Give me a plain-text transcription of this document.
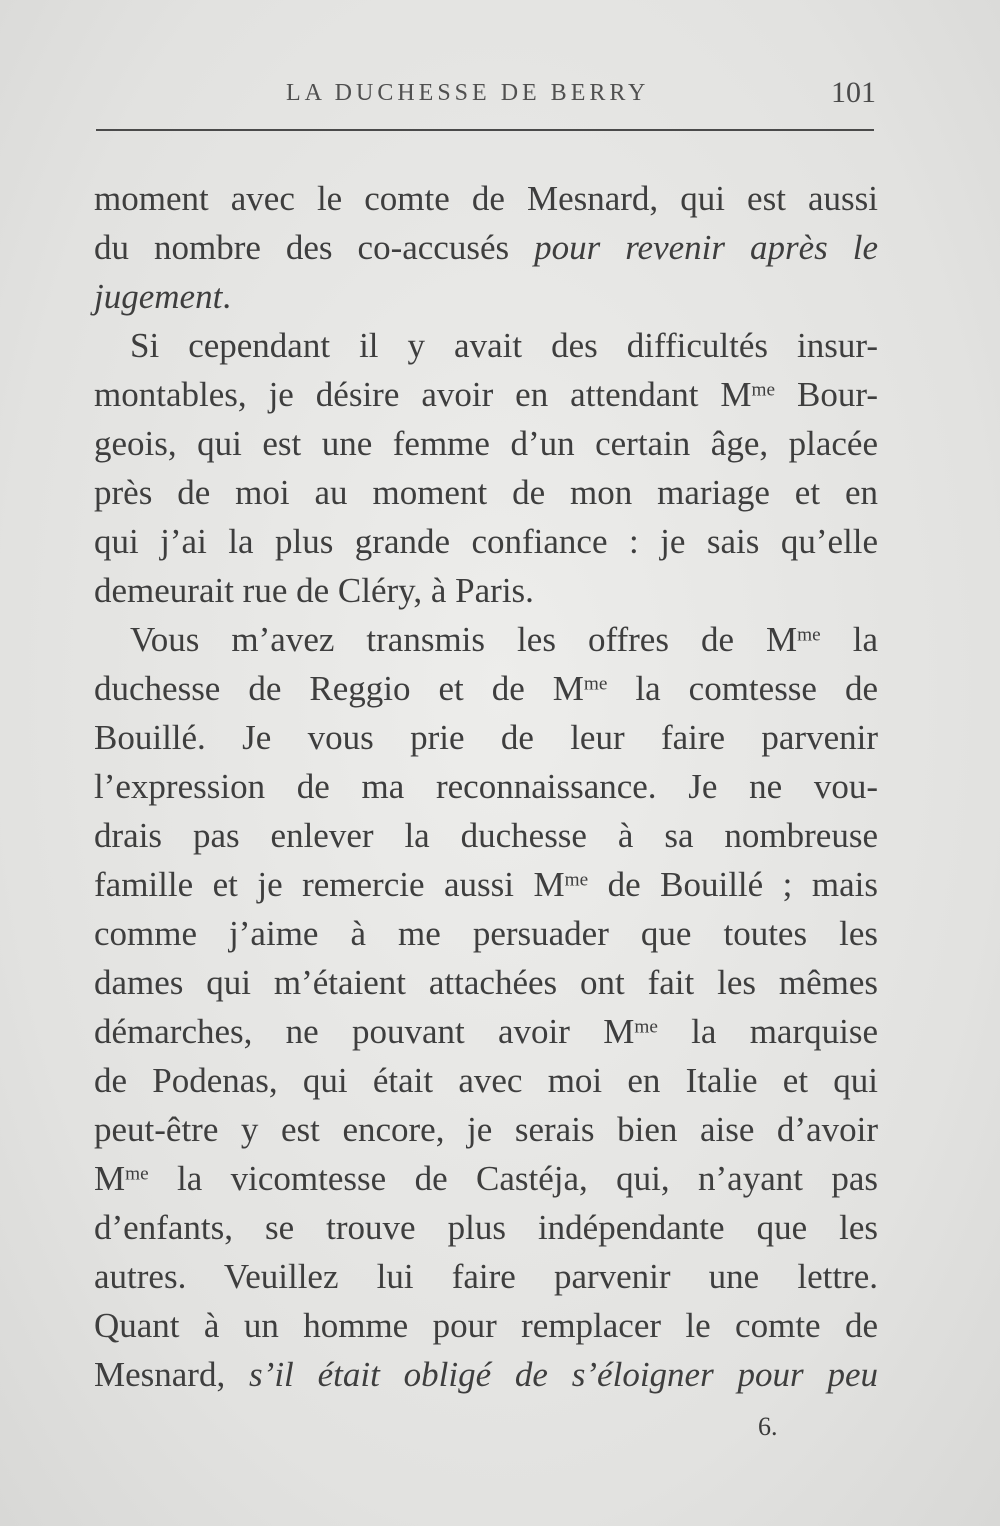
LA DUCHESSE DE BERRY	101
moment avec le comte de Mesnard, qui est aussi
du nombre des co-accusés pour revenir après le
jugement.
Si cependant il y avait des difficultés insur-
montables, je désire avoir en attendant $M^{me}$ Bour-
geois, qui est une femme d’un certain âge, placée
près de moi au moment de mon mariage et en
qui j’ai la plus grande confiance : je sais qu’elle
demeurait rue de Cléry, à Paris.
Vous m’avez transmis les offres de $M^{me}$ la
duchesse de Reggio et de $M^{me}$ la comtesse de
Bouillé. Je vous prie de leur faire parvenir
l’expression de ma reconnaissance. Je ne vou-
drais pas enlever la duchesse à sa nombreuse
famille et je remercie aussi $M^{me}$ de Bouillé ; mais
comme j’aime à me persuader que toutes les
dames qui m’étaient attachées ont fait les mêmes
démarches, ne pouvant avoir $M^{me}$ la marquise
de Podenas, qui était avec moi en Italie et qui
peut-être y est encore, je serais bien aise d’avoir
$M^{me}$ la vicomtesse de Castéja, qui, n’ayant pas
d’enfants, se trouve plus indépendante que les
autres. Veuillez lui faire parvenir une lettre.
Quant à un homme pour remplacer le comte de
Mesnard, s’il était obligé de s’éloigner pour peu
6.
